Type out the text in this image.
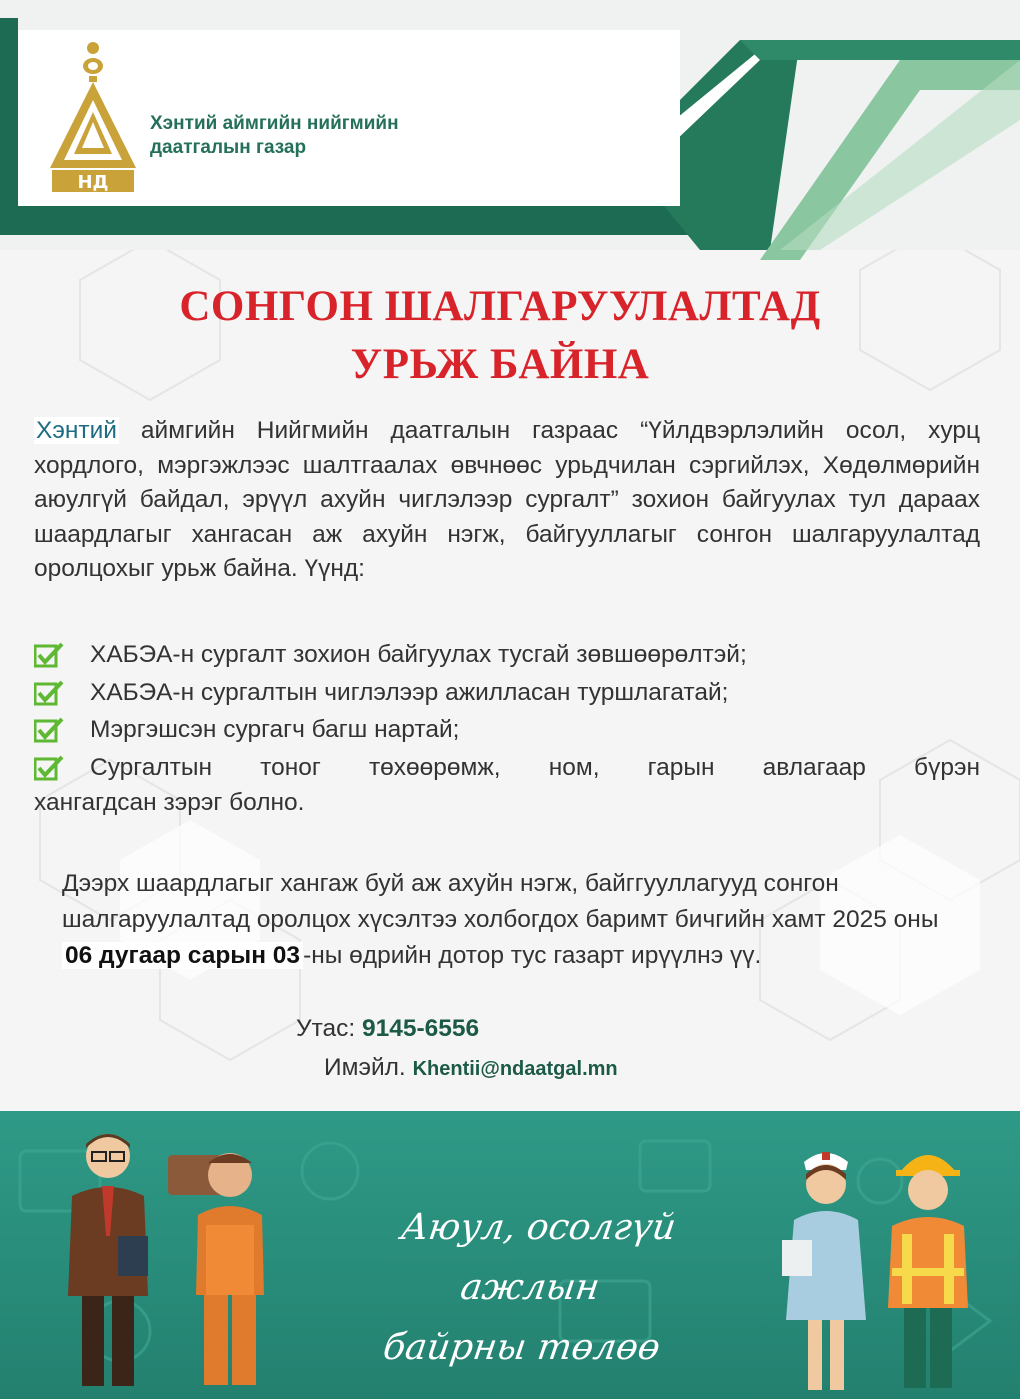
НД
Хэнтий аймгийн нийгмийн
даатгалын газар
СОНГОН ШАЛГАРУУЛАЛТАД
УРЬЖ БАЙНА
Хэнтий аймгийн Нийгмийн даатгалын газраас “Үйлдвэрлэлийн осол, хурц хордлого, мэргэжлээс шалтгаалах өвчнөөс урьдчилан сэргийлэх, Хөдөлмөрийн аюулгүй байдал, эрүүл ахуйн чиглэлээр сургалт” зохион байгуулах тул дараах шаардлагыг хангасан аж ахуйн нэгж, байгууллагыг сонгон шалгаруулалтад оролцохыг урьж байна. Үүнд:
ХАБЭА-н сургалт зохион байгуулах тусгай зөвшөөрөлтэй;
ХАБЭА-н сургалтын чиглэлээр ажилласан туршлагатай;
Мэргэшсэн сургагч багш нартай;
Сургалтын тоног төхөөрөмж, ном, гарын авлагаар бүрэн
хангагдсан зэрэг болно.
Дээрх шаардлагыг хангаж буй аж ахуйн нэгж, байггууллагууд сонгон шалгаруулалтад оролцох хүсэлтээ холбогдох баримт бичгийн хамт 2025 оны 06 дугаар сарын 03 -ны өдрийн дотор тус газарт ирүүлнэ үү.
Утас: 9145-6556
Имэйл. Khentii@ndaatgal.mn
Аюул, осолгүй ажлын
байрны төлөө
